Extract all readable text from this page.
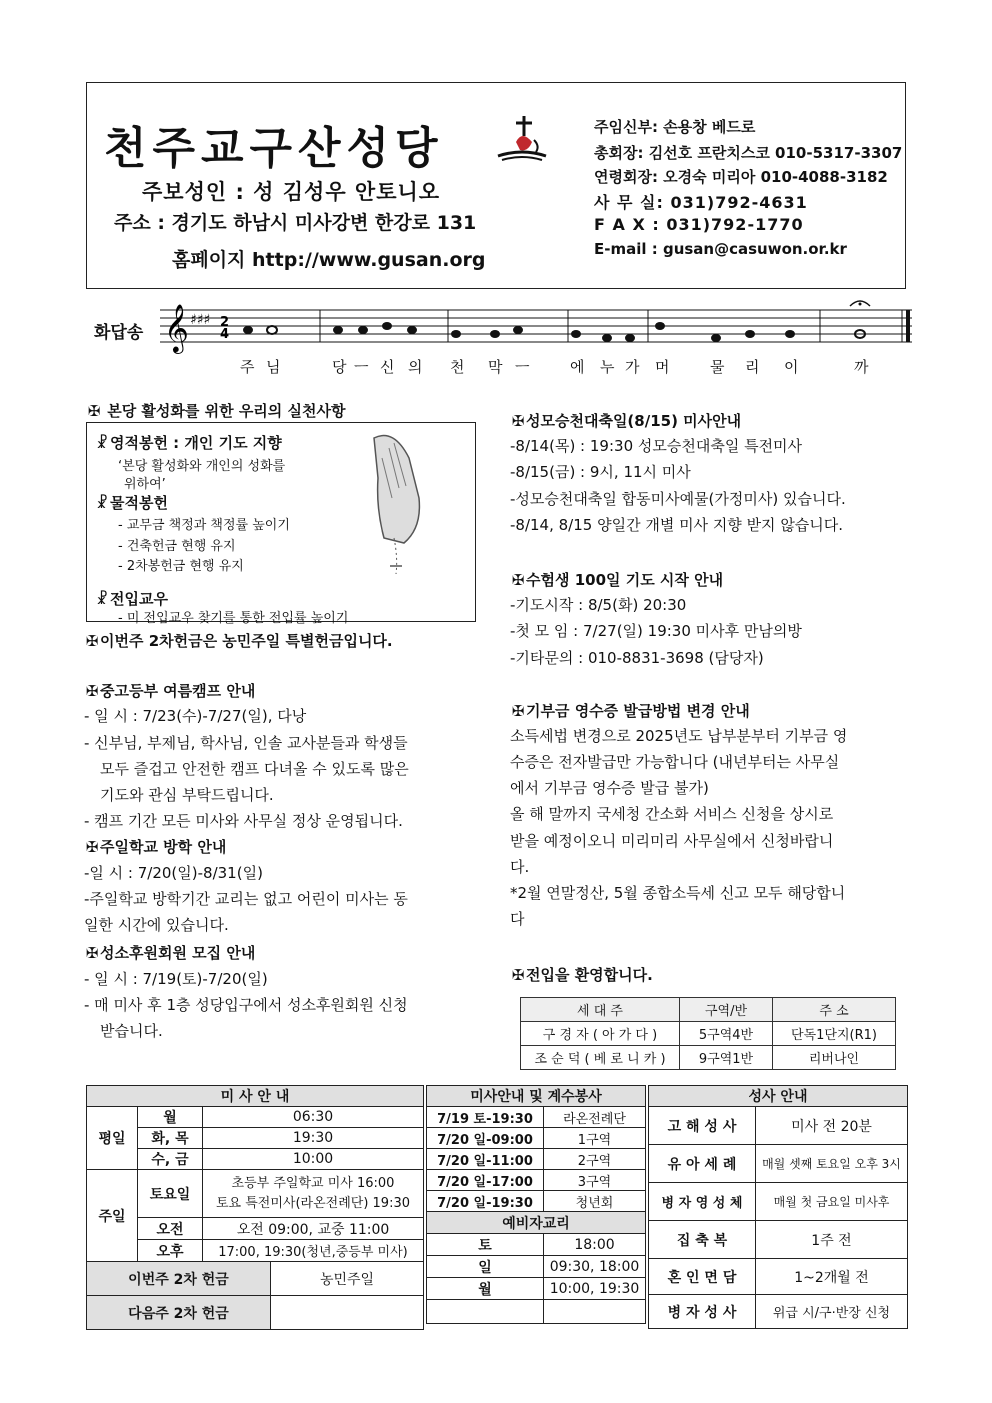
천주교구산성당
주보성인 : 성 김성우 안토니오
주소 : 경기도 하남시 미사강변 한강로 131
홈페이지 http://www.gusan.org
주임신부: 손용창 베드로
총회장: 김선호 프란치스코 010-5317-3307
연령회장: 오경숙 미리아 010-4088-3182
사 무 실: 031)792-4631
F A X : 031)792-1770
E-mail : gusan@casuwon.or.kr
화답송 𝄞 ♯♯♯ 2
4
주 님	당 ㅡ 신 의 천 막 ㅡ	에 누 가 머	물 리 이	까
✠ 본당 활성화를 위한 우리의 실천사항
☧ 영적봉헌 : 개인 기도 지향
‘본당 활성화와 개인의 성화를
위하여’
☧ 물적봉헌
- 교무금 책정과 책정률 높이기
- 건축헌금 현행 유지
- 2차봉헌금 현행 유지
☧ 전입교우
- 미 전입교우 찾기를 통한 전입률 높이기
✠ 이번주 2차헌금은 농민주일 특별헌금입니다.
✠ 중고등부 여름캠프 안내
- 일 시 : 7/23(수)-7/27(일), 다낭
- 신부님, 부제님, 학사님, 인솔 교사분들과 학생들
모두 즐겁고 안전한 캠프 다녀올 수 있도록 많은
기도와 관심 부탁드립니다.
- 캠프 기간 모든 미사와 사무실 정상 운영됩니다.
✠ 주일학교 방학 안내
-일 시 : 7/20(일)-8/31(일)
-주일학교 방학기간 교리는 없고 어린이 미사는 동
일한 시간에 있습니다.
✠ 성소후원회원 모집 안내
- 일 시 : 7/19(토)-7/20(일)
- 매 미사 후 1층 성당입구에서 성소후원회원 신청
받습니다.
✠ 성모승천대축일(8/15) 미사안내
-8/14(목) : 19:30 성모승천대축일 특전미사
-8/15(금) : 9시, 11시 미사
-성모승천대축일 합동미사예물(가정미사) 있습니다.
-8/14, 8/15 양일간 개별 미사 지향 받지 않습니다.
✠ 수험생 100일 기도 시작 안내
-기도시작 : 8/5(화) 20:30
-첫 모 임 : 7/27(일) 19:30 미사후 만남의방
-기타문의 : 010-8831-3698 (담당자)
✠ 기부금 영수증 발급방법 변경 안내
소득세법 변경으로 2025년도 납부분부터 기부금 영
수증은 전자발급만 가능합니다 (내년부터는 사무실
에서 기부금 영수증 발급 불가)
올 해 말까지 국세청 간소화 서비스 신청을 상시로
받을 예정이오니 미리미리 사무실에서 신청바랍니
다.
*2월 연말정산, 5월 종합소득세 신고 모두 해당합니
다
✠ 전입을 환영합니다.
세 대 주	구역/반	주 소
구 경 자 ( 아 가 다 )	5구역4반	단독1단지(R1)
조 순 덕 ( 베 로 니 카 )	9구역1반	리버나인
미 사 안 내			
평일	월	06:30	
	화, 목	19:30	
	수, 금	10:00	
주일	토요일	초등부 주일학교 미사 16:00
토요 특전미사(라온전례단) 19:30	

	오전	오전 09:00, 교중 11:00	
	오후	17:00, 19:30(청년,중등부 미사)	
이번주 2차 헌금			농민주일
다음주 2차 헌금			
미사안내 및 계수봉사	
7/19 토-19:30	라온전례단
7/20 일-09:00	1구역
7/20 일-11:00	2구역
7/20 일-17:00	3구역
7/20 일-19:30	청년회
예비자교리	
토	18:00
일	09:30, 18:00
월	10:00, 19:30

성사 안내	
고 해 성 사	미사 전 20분
유 아 세 례	매월 셋째 토요일 오후 3시
병 자 영 성 체	매월 첫 금요일 미사후
집 축 복	1주 전
혼 인 면 담	1~2개월 전
병 자 성 사	위급 시/구·반장 신청
